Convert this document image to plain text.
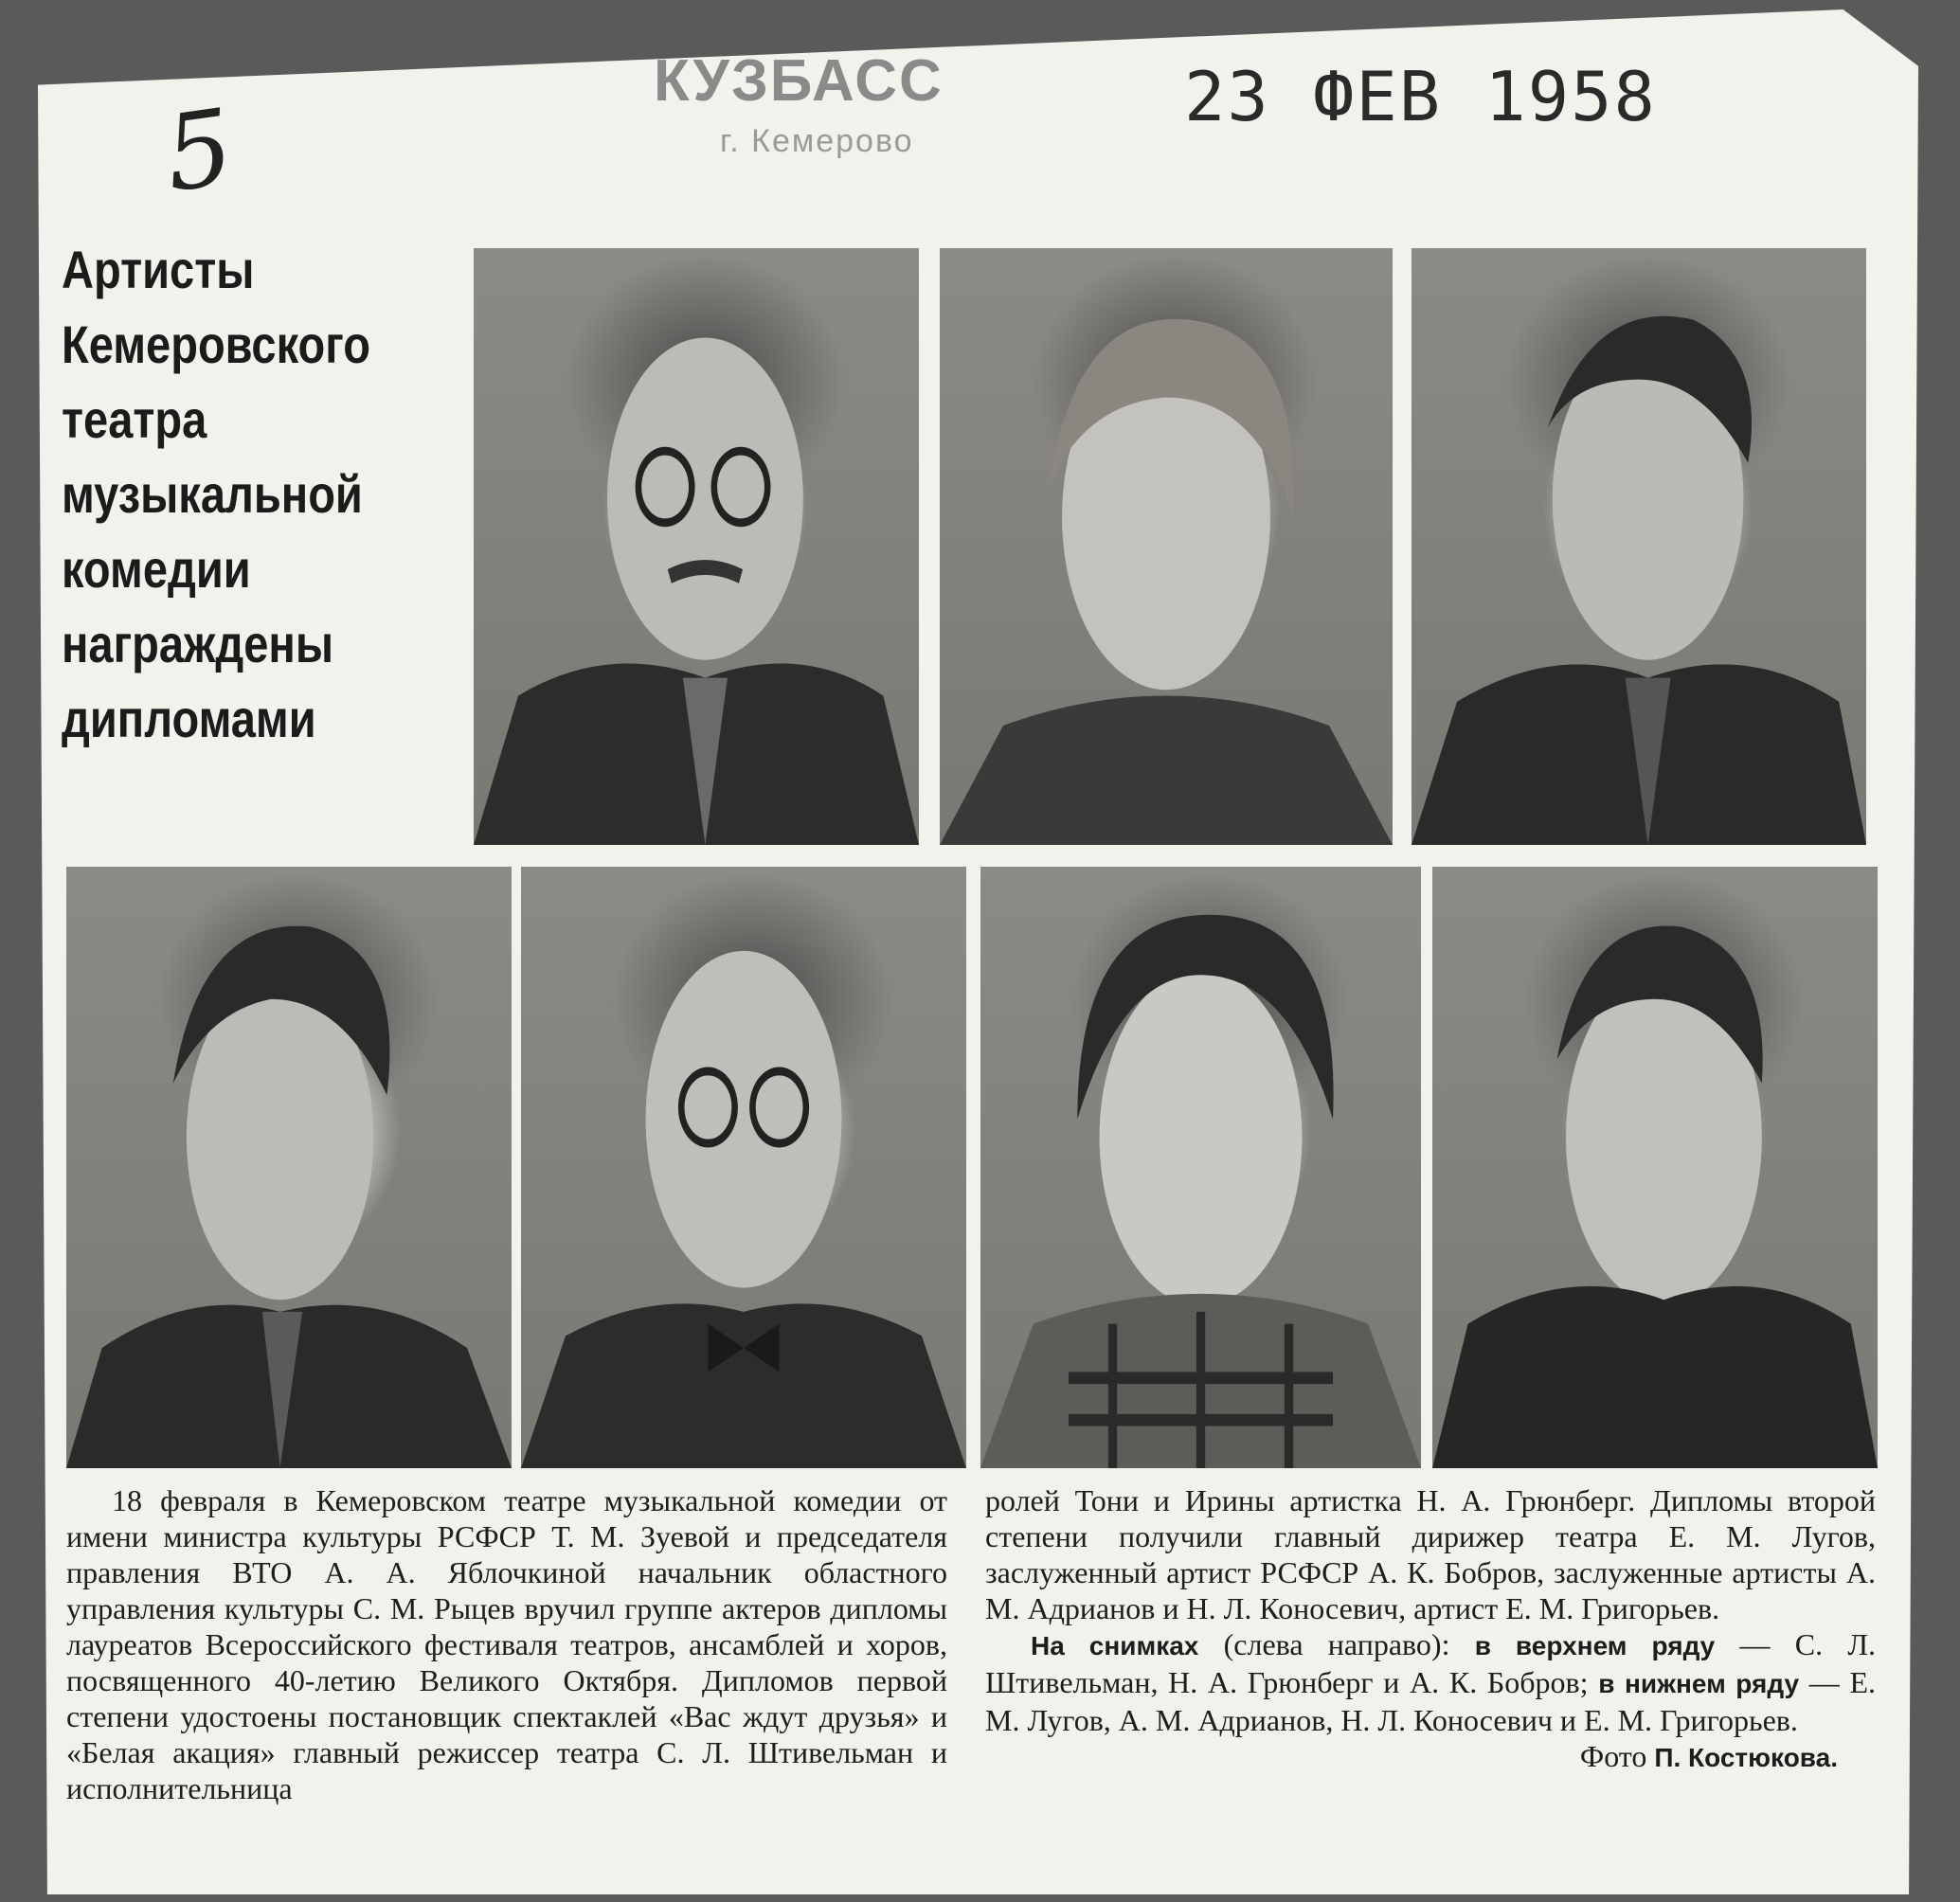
КУЗБАСС
г. Кемерово
23 ФЕВ 1958
5
Артисты
Кемеровского
театра
музыкальной
комедии
награждены
дипломами

18 февраля в Кемеровском театре музыкальной комедии от имени министра культуры РСФСР Т. М. Зуевой и председателя правления ВТО А. А. Яблочкиной начальник областного управления культуры С. М. Рыцев вручил группе актеров дипломы лауреатов Всероссийского фестиваля театров, ансамблей и хоров, посвященного 40-летию Великого Октября. Дипломов первой степени удостоены постановщик спектаклей «Вас ждут друзья» и «Белая акация» главный режиссер театра С. Л. Штивельман и исполнительница

ролей Тони и Ирины артистка Н. А. Грюнберг. Дипломы второй степени получили главный дирижер театра Е. М. Лугов, заслуженный артист РСФСР А. К. Бобров, заслуженные артисты А. М. Адрианов и Н. Л. Коносевич, артист Е. М. Григорьев.

На снимках (слева направо): в верхнем ряду — С. Л. Штивельман, Н. А. Грюнберг и А. К. Бобров; в нижнем ряду — Е. М. Лугов, А. М. Адрианов, Н. Л. Коносевич и Е. М. Григорьев.

Фото П. Костюкова.
